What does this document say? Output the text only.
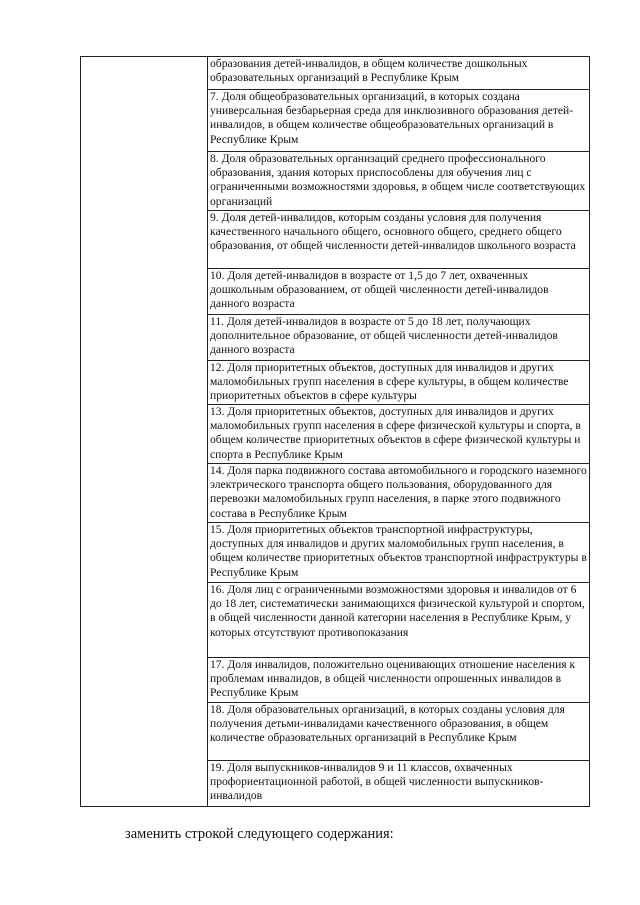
	образования детей-инвалидов, в общем количестве дошкольных образовательных организаций в Республике Крым
7. Доля общеобразовательных организаций, в которых создана универсальная безбарьерная среда для инклюзивного образования детей-инвалидов, в общем количестве общеобразовательных организаций в Республике Крым
8. Доля образовательных организаций среднего профессионального образования, здания которых приспособлены для обучения лиц с ограниченными возможностями здоровья, в общем числе соответствующих организаций
9. Доля детей-инвалидов, которым созданы условия для получения качественного начального общего, основного общего, среднего общего образования, от общей численности детей-инвалидов школьного возраста
10. Доля детей-инвалидов в возрасте от 1,5 до 7 лет, охваченных дошкольным образованием, от общей численности детей-инвалидов данного возраста
11. Доля детей-инвалидов в возрасте от 5 до 18 лет, получающих дополнительное образование, от общей численности детей-инвалидов данного возраста
12. Доля приоритетных объектов, доступных для инвалидов и других маломобильных групп населения в сфере культуры, в общем количестве приоритетных объектов в сфере культуры
13. Доля приоритетных объектов, доступных для инвалидов и других маломобильных групп населения в сфере физической культуры и спорта, в общем количестве приоритетных объектов в сфере физической культуры и спорта в Республике Крым
14. Доля парка подвижного состава автомобильного и городского наземного электрического транспорта общего пользования, оборудованного для перевозки маломобильных групп населения, в парке этого подвижного состава в Республике Крым
15. Доля приоритетных объектов транспортной инфраструктуры, доступных для инвалидов и других маломобильных групп населения, в общем количестве приоритетных объектов транспортной инфраструктуры в Республике Крым
16. Доля лиц с ограниченными возможностями здоровья и инвалидов от 6 до 18 лет, систематически занимающихся физической культурой и спортом, в общей численности данной категории населения в Республике Крым, у которых отсутствуют противопоказания
17. Доля инвалидов, положительно оценивающих отношение населения к проблемам инвалидов, в общей численности опрошенных инвалидов в Республике Крым
18. Доля образовательных организаций, в которых созданы условия для получения детьми-инвалидами качественного образования, в общем количестве образовательных организаций в Республике Крым
19. Доля выпускников-инвалидов 9 и 11 классов, охваченных профориентационной работой, в общей численности выпускников-инвалидов
заменить строкой следующего содержания:
